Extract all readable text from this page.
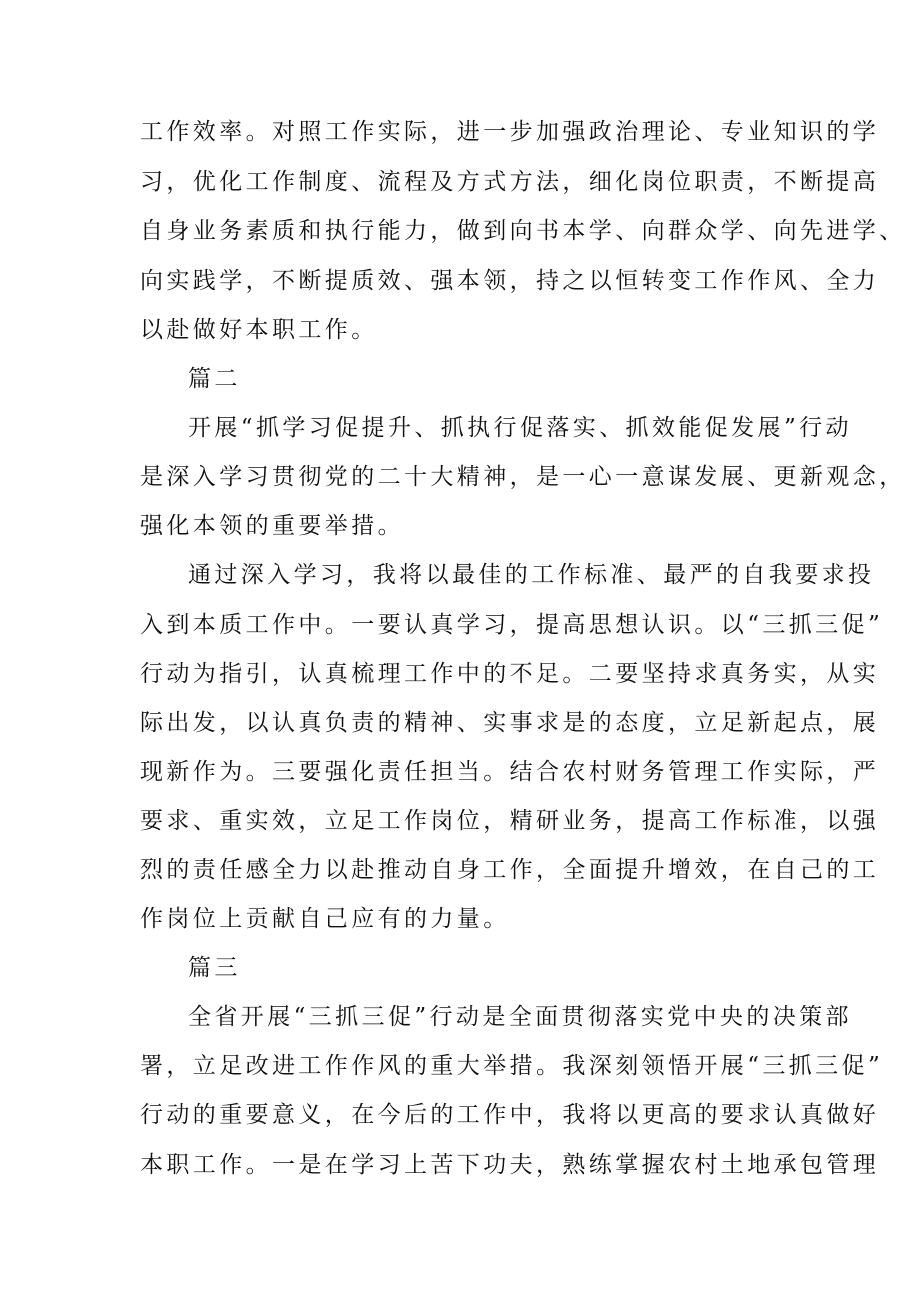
工作效率。对照工作实际，进一步加强政治理论、专业知识的学
习，优化工作制度、流程及方式方法，细化岗位职责，不断提高
自身业务素质和执行能力，做到向书本学、向群众学、向先进学、
向实践学，不断提质效、强本领，持之以恒转变工作作风、全力
以赴做好本职工作。
篇二
开展“抓学习促提升、抓执行促落实、抓效能促发展”行动
是深入学习贯彻党的二十大精神，是一心一意谋发展、更新观念，
强化本领的重要举措。
通过深入学习，我将以最佳的工作标准、最严的自我要求投
入到本质工作中。一要认真学习，提高思想认识。以“三抓三促”
行动为指引，认真梳理工作中的不足。二要坚持求真务实，从实
际出发，以认真负责的精神、实事求是的态度，立足新起点，展
现新作为。三要强化责任担当。结合农村财务管理工作实际，严
要求、重实效，立足工作岗位，精研业务，提高工作标准，以强
烈的责任感全力以赴推动自身工作，全面提升增效，在自己的工
作岗位上贡献自己应有的力量。
篇三
全省开展“三抓三促”行动是全面贯彻落实党中央的决策部
署，立足改进工作作风的重大举措。我深刻领悟开展“三抓三促”
行动的重要意义，在今后的工作中，我将以更高的要求认真做好
本职工作。一是在学习上苦下功夫，熟练掌握农村土地承包管理
